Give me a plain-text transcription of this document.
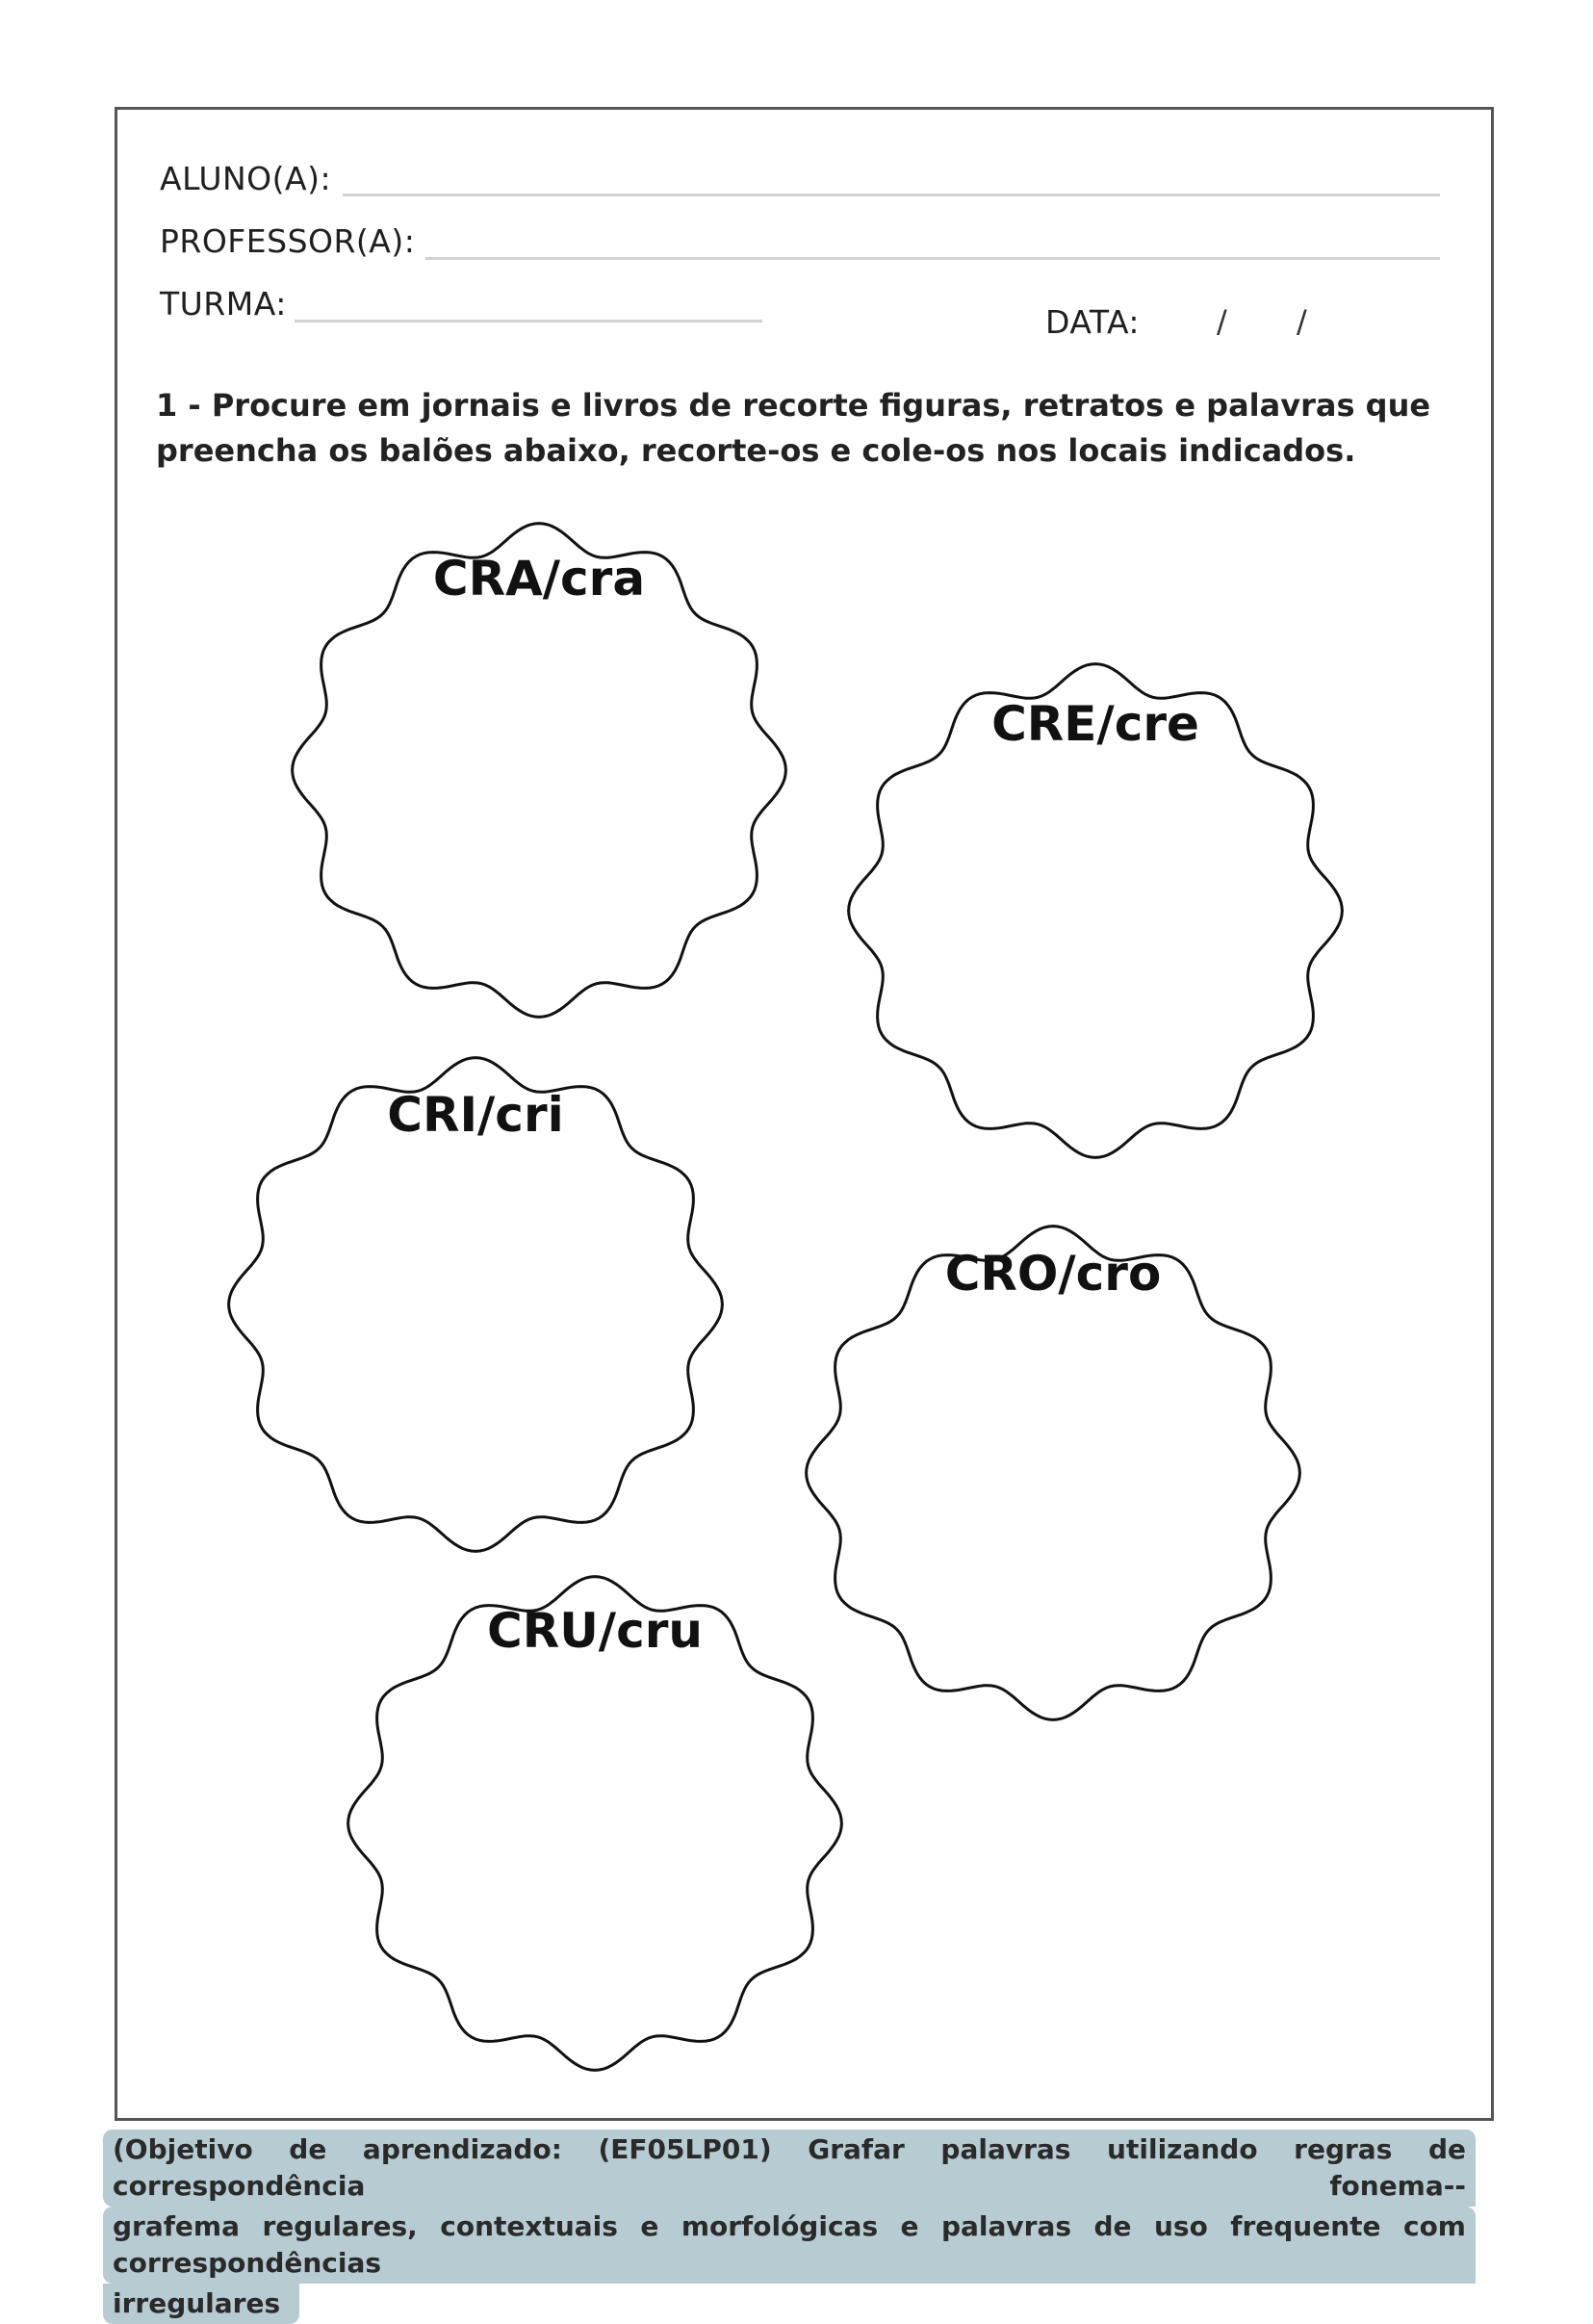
ALUNO(A):
PROFESSOR(A):
TURMA:	DATA: / /
1 - Procure em jornais e livros de recorte figuras, retratos e palavras que preencha os balões abaixo, recorte-os e cole-os nos locais indicados.
CRA/cra
CRE/cre
CRI/cri
CRO/cro
CRU/cru
(Objetivo de aprendizado: (EF05LP01) Grafar palavras utilizando regras de correspondência fonema--
grafema regulares, contextuais e morfológicas e palavras de uso frequente com correspondências
irregulares
